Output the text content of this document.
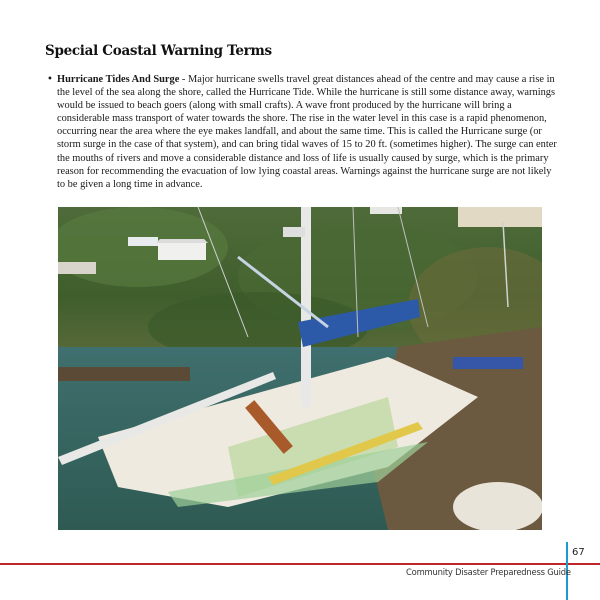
Special Coastal Warning Terms
• Hurricane Tides And Surge - Major hurricane swells travel great distances ahead of the centre and may cause a rise in the level of the sea along the shore, called the Hurricane Tide. While the hurricane is still some distance away, warnings would be issued to beach goers (along with small crafts). A wave front produced by the hurricane will bring a considerable mass transport of water towards the shore. The rise in the water level in this case is a rapid phenomenon, occurring near the area where the eye makes landfall, and about the same time. This is called the Hurricane surge (or storm surge in the case of that system), and can bring tidal waves of 15 to 20 ft. (sometimes higher). The surge can enter the mouths of rivers and move a considerable distance and loss of life is usually caused by surge, which is the primary reason for recommending the evacuation of low lying coastal areas. Warnings against the hurricane surge are not likely to be given a long time in advance.
67
Community Disaster Preparedness Guide
